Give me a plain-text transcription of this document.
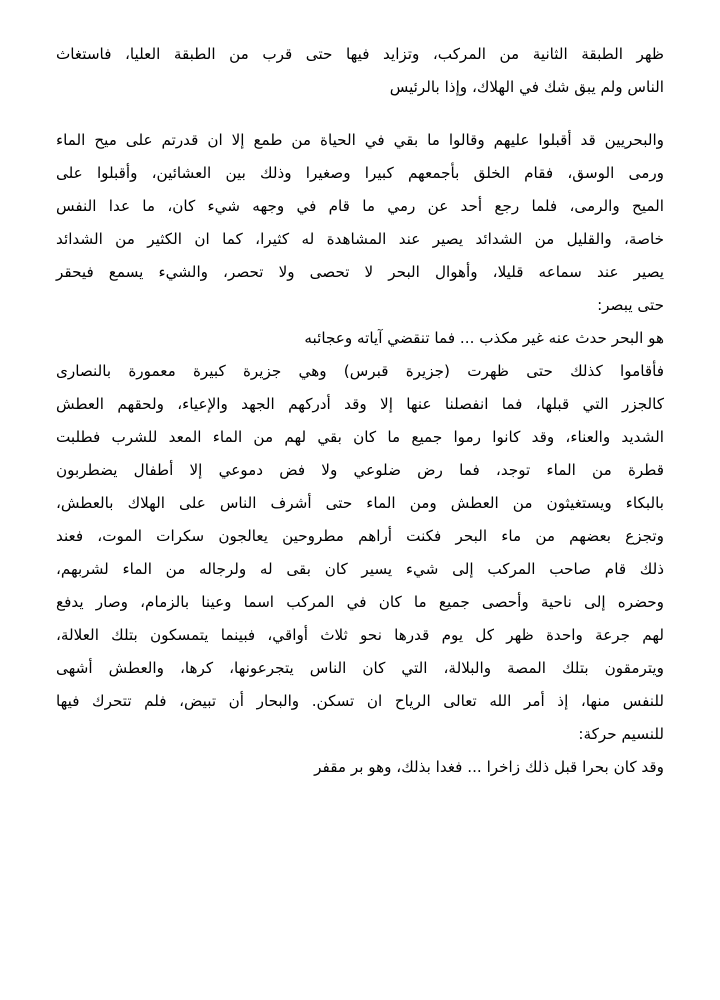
ظهر الطبقة الثانية من المركب، وتزايد فيها حتى قرب من الطبقة العليا، فاستغاث
الناس ولم يبق شك في الهلاك، وإذا بالرئيس
والبحريين قد أقبلوا عليهم وقالوا ما بقي في الحياة من طمع إلا ان قدرتم على ميح الماء
ورمى الوسق، فقام الخلق بأجمعهم كبيرا وصغيرا وذلك بين العشائين، وأقبلوا على
الميح والرمى، فلما رجع أحد عن رمي ما قام في وجهه شيء كان، ما عدا النفس
خاصة، والقليل من الشدائد يصير عند المشاهدة له كثيرا، كما ان الكثير من الشدائد
يصير عند سماعه قليلا، وأهوال البحر لا تحصى ولا تحصر، والشيء يسمع فيحقر
حتى يبصر:
هو البحر حدث عنه غير مكذب ... فما تنقضي آياته وعجائبه
فأقاموا كذلك حتى ظهرت (جزيرة قبرس) وهي جزيرة كبيرة معمورة بالنصارى
كالجزر التي قبلها، فما انفصلنا عنها إلا وقد أدركهم الجهد والإعياء، ولحقهم العطش
الشديد والعناء، وقد كانوا رموا جميع ما كان بقي لهم من الماء المعد للشرب فطلبت
قطرة من الماء توجد، فما رض ضلوعي ولا فض دموعي إلا أطفال يضطربون
بالبكاء ويستغيثون من العطش ومن الماء حتى أشرف الناس على الهلاك بالعطش،
وتجزع بعضهم من ماء البحر فكنت أراهم مطروحين يعالجون سكرات الموت، فعند
ذلك قام صاحب المركب إلى شيء يسير كان بقى له ولرجاله من الماء لشربهم،
وحضره إلى ناحية وأحصى جميع ما كان في المركب اسما وعينا بالزمام، وصار يدفع
لهم جرعة واحدة ظهر كل يوم قدرها نحو ثلاث أواقي، فبينما يتمسكون بتلك العلالة،
ويترمقون بتلك المصة والبلالة، التي كان الناس يتجرعونها، كرها، والعطش أشهى
للنفس منها، إذ أمر الله تعالى الرياح ان تسكن. والبحار أن تبيض، فلم تتحرك فيها
للنسيم حركة:
وقد كان بحرا قبل ذلك زاخرا ... فغدا بذلك، وهو بر مقفر
